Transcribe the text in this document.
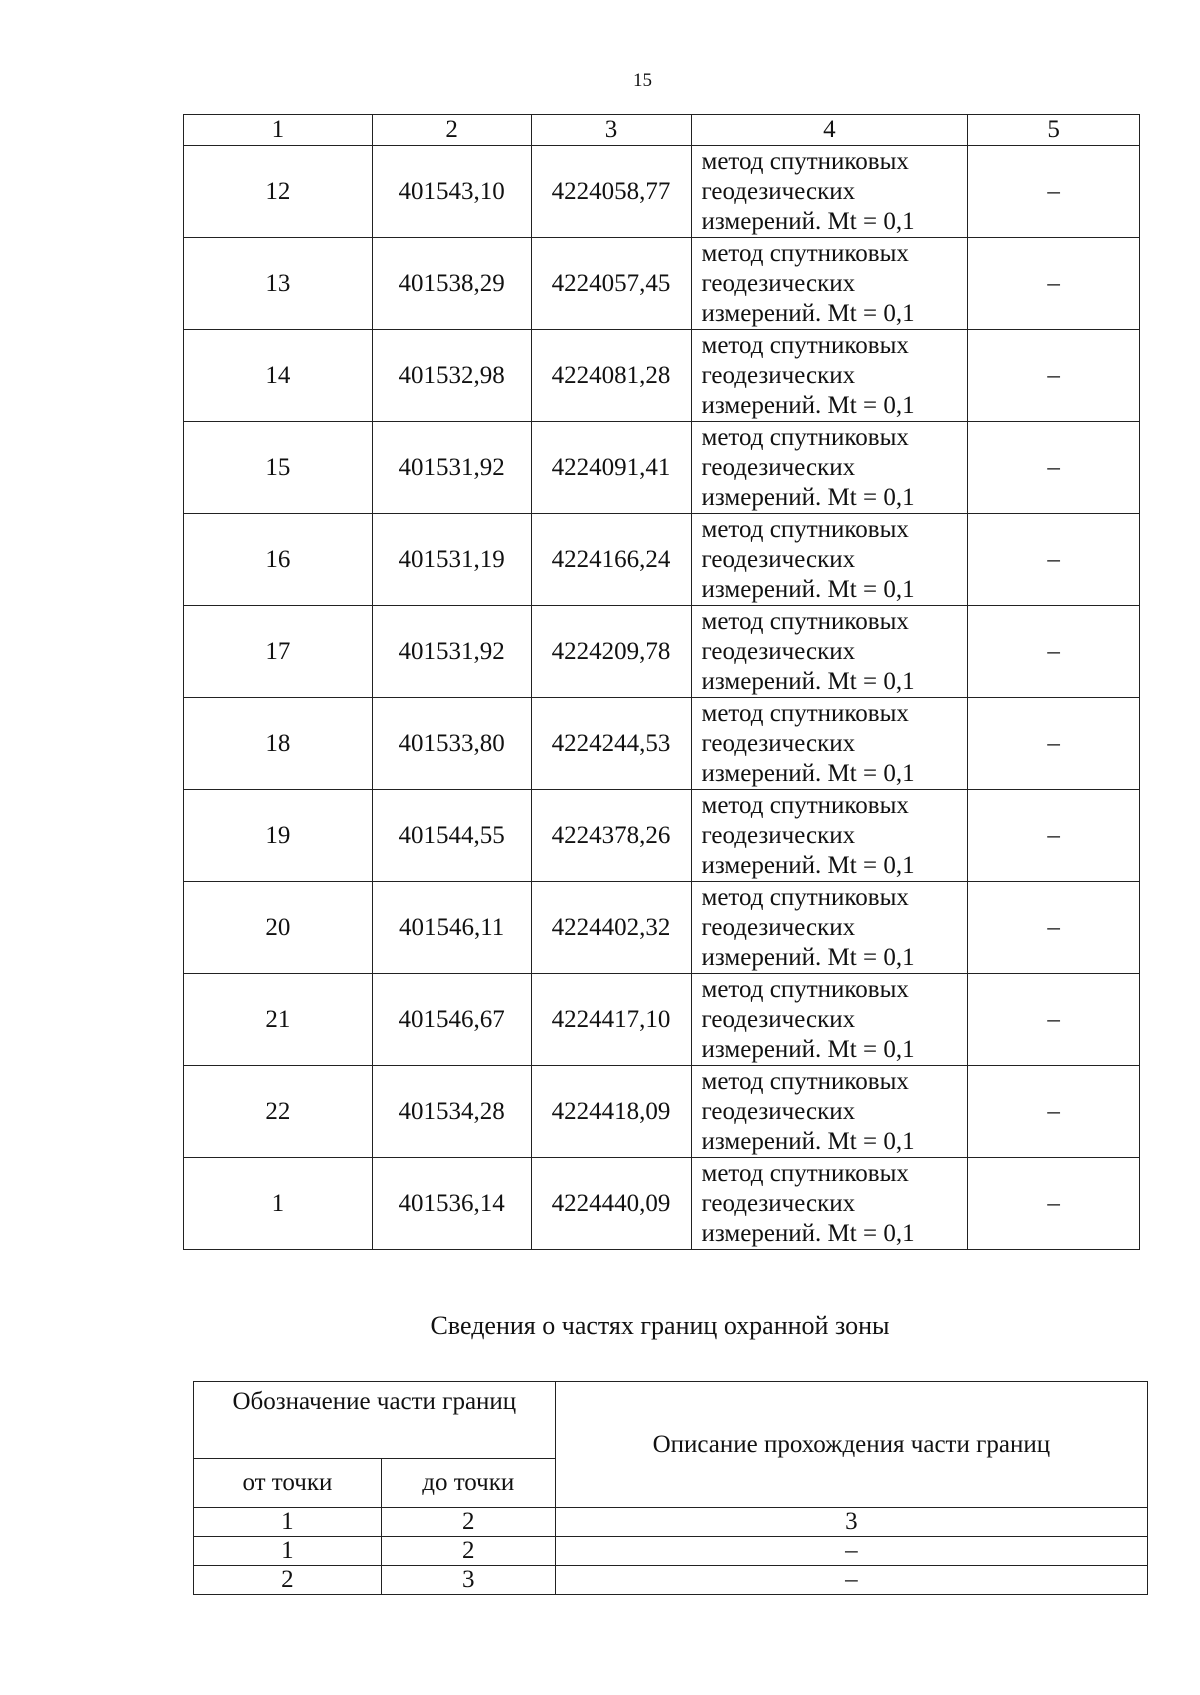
15
1	2	3	4	5
12	401543,10	4224058,77	метод спутниковых
геодезических
измерений. Mt = 0,1	–
13	401538,29	4224057,45	метод спутниковых
геодезических
измерений. Mt = 0,1	–
14	401532,98	4224081,28	метод спутниковых
геодезических
измерений. Mt = 0,1	–
15	401531,92	4224091,41	метод спутниковых
геодезических
измерений. Mt = 0,1	–
16	401531,19	4224166,24	метод спутниковых
геодезических
измерений. Mt = 0,1	–
17	401531,92	4224209,78	метод спутниковых
геодезических
измерений. Mt = 0,1	–
18	401533,80	4224244,53	метод спутниковых
геодезических
измерений. Mt = 0,1	–
19	401544,55	4224378,26	метод спутниковых
геодезических
измерений. Mt = 0,1	–
20	401546,11	4224402,32	метод спутниковых
геодезических
измерений. Mt = 0,1	–
21	401546,67	4224417,10	метод спутниковых
геодезических
измерений. Mt = 0,1	–
22	401534,28	4224418,09	метод спутниковых
геодезических
измерений. Mt = 0,1	–
1	401536,14	4224440,09	метод спутниковых
геодезических
измерений. Mt = 0,1	–
Сведения о частях границ охранной зоны
Обозначение части границ		Описание прохождения части границ
от точки	до точки	
1	2	3
1	2	–
2	3	–
